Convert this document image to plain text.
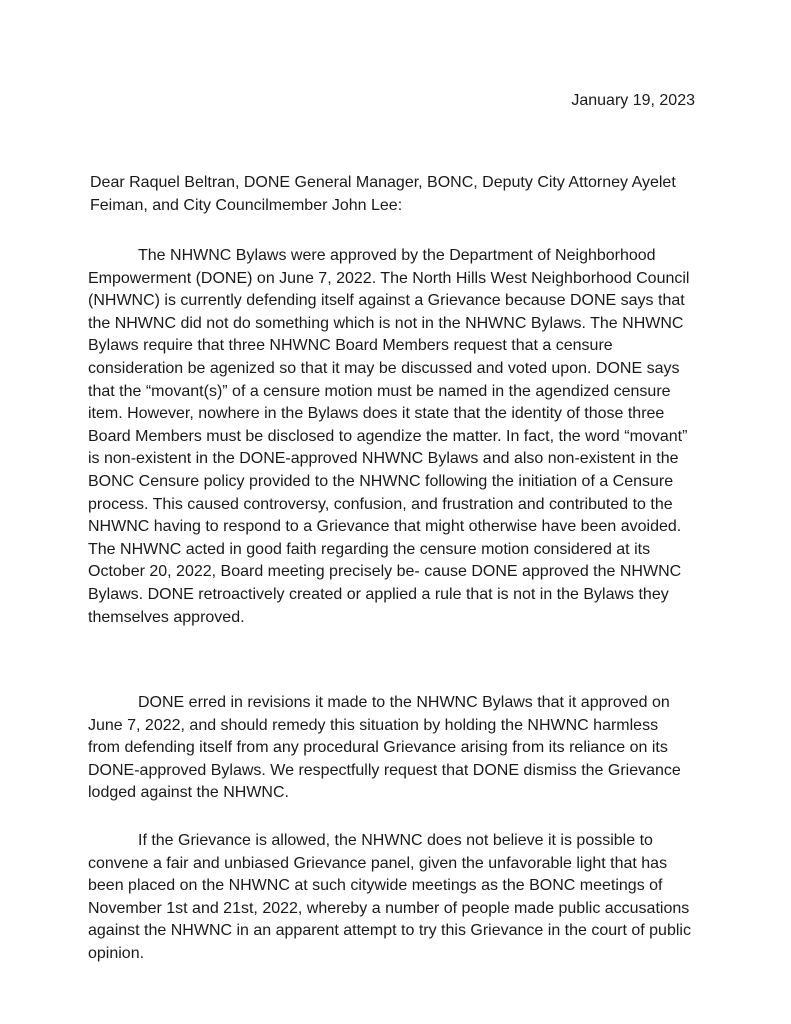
January 19, 2023
Dear Raquel Beltran, DONE General Manager, BONC, Deputy City Attorney Ayelet Feiman, and City Councilmember John Lee:

The NHWNC Bylaws were approved by the Department of Neighborhood Empowerment (DONE) on June 7, 2022. The North Hills West Neighborhood Council (NHWNC) is currently defending itself against a Grievance because DONE says that the NHWNC did not do something which is not in the NHWNC Bylaws. The NHWNC Bylaws require that three NHWNC Board Members request that a censure consideration be agenized so that it may be discussed and voted upon. DONE says that the “movant(s)” of a censure motion must be named in the agendized censure item. However, nowhere in the Bylaws does it state that the identity of those three Board Members must be disclosed to agendize the matter. In fact, the word “movant” is non-existent in the DONE-approved NHWNC Bylaws and also non-existent in the BONC Censure policy provided to the NHWNC following the initiation of a Censure process. This caused controversy, confusion, and frustration and contributed to the NHWNC having to respond to a Grievance that might otherwise have been avoided. The NHWNC acted in good faith regarding the censure motion considered at its October 20, 2022, Board meeting precisely be- cause DONE approved the NHWNC Bylaws. DONE retroactively created or applied a rule that is not in the Bylaws they themselves approved.

DONE erred in revisions it made to the NHWNC Bylaws that it approved on June 7, 2022, and should remedy this situation by holding the NHWNC harmless from defending itself from any procedural Grievance arising from its reliance on its DONE-approved Bylaws. We respectfully request that DONE dismiss the Grievance lodged against the NHWNC.

If the Grievance is allowed, the NHWNC does not believe it is possible to convene a fair and unbiased Grievance panel, given the unfavorable light that has been placed on the NHWNC at such citywide meetings as the BONC meetings of November 1st and 21st, 2022, whereby a number of people made public accusations against the NHWNC in an apparent attempt to try this Grievance in the court of public opinion.
